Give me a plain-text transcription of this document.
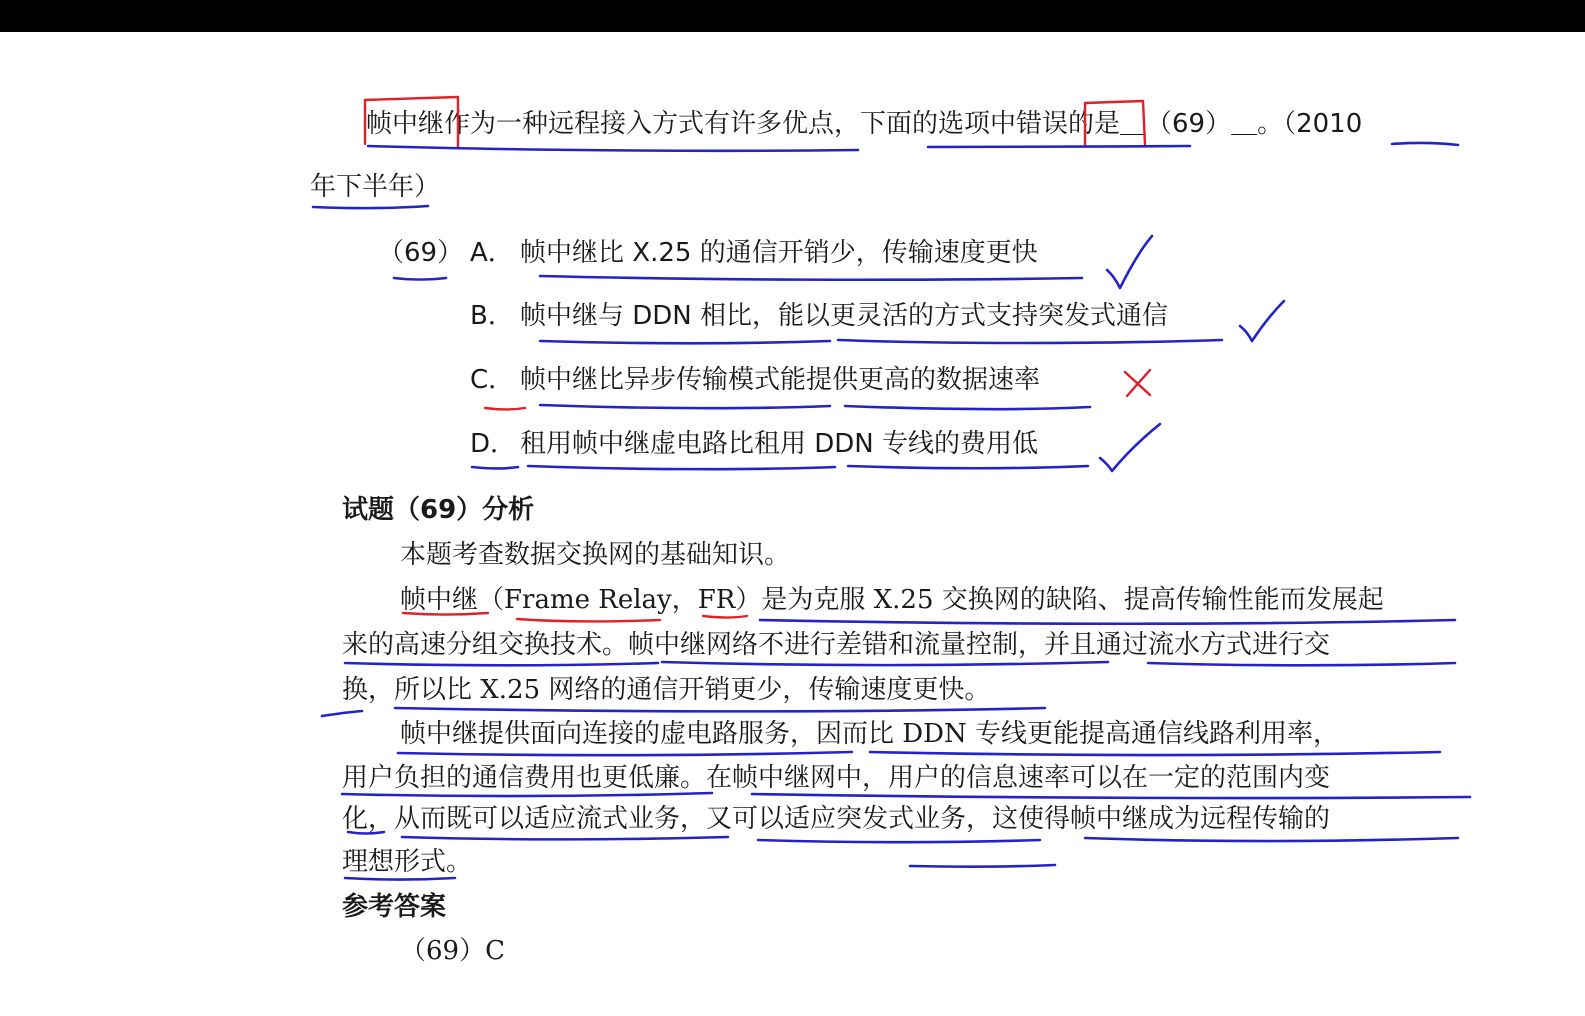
帧中继作为一种远程接入方式有许多优点，下面的选项中错误的是＿（69）＿。（2010
年下半年）
（69） A． 帧中继比 X.25 的通信开销少，传输速度更快
B． 帧中继与 DDN 相比，能以更灵活的方式支持突发式通信
C． 帧中继比异步传输模式能提供更高的数据速率
D． 租用帧中继虚电路比租用 DDN 专线的费用低
试题（69）分析
本题考查数据交换网的基础知识。
帧中继（Frame Relay，FR）是为克服 X.25 交换网的缺陷、提高传输性能而发展起
来的高速分组交换技术。帧中继网络不进行差错和流量控制，并且通过流水方式进行交
换，所以比 X.25 网络的通信开销更少，传输速度更快。
帧中继提供面向连接的虚电路服务，因而比 DDN 专线更能提高通信线路利用率，
用户负担的通信费用也更低廉。在帧中继网中，用户的信息速率可以在一定的范围内变
化，从而既可以适应流式业务，又可以适应突发式业务，这使得帧中继成为远程传输的
理想形式。
参考答案
（69）C
